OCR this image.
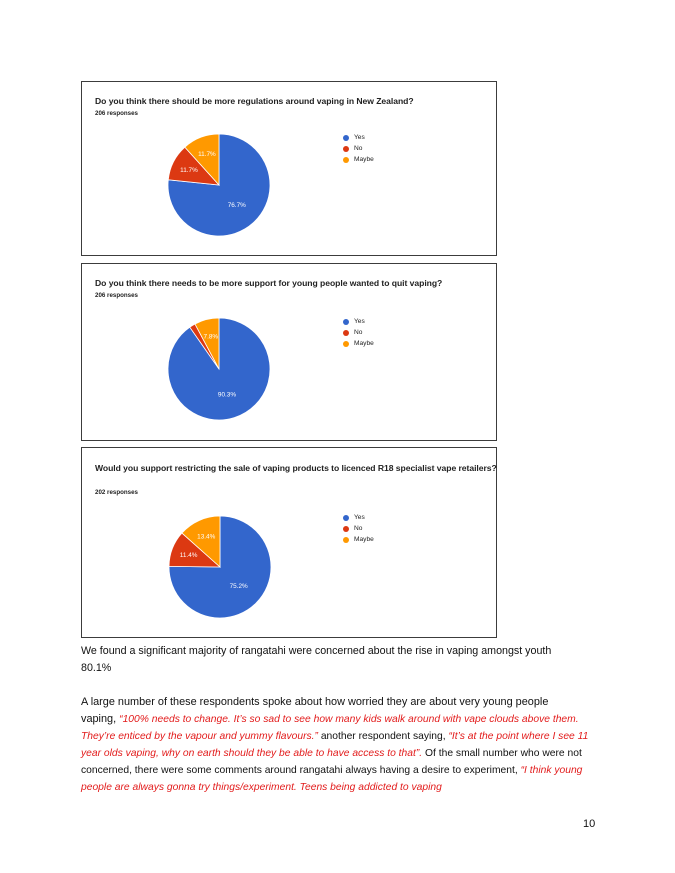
Do you think there should be more regulations around vaping in New Zealand?
206 responses
76.7%
11.7%
11.7%
Yes
No
Maybe
Do you think there needs to be more support for young people wanted to quit vaping?
206 responses
90.3%
7.8%
Yes
No
Maybe
Would you support restricting the sale of vaping products to licenced R18 specialist vape retailers?
202 responses
75.2%
11.4%
13.4%
Yes
No
Maybe
We found a significant majority of rangatahi were concerned about the rise in vaping amongst youth
80.1%
A large number of these respondents spoke about how worried they are about very young people
vaping, “100% needs to change. It’s so sad to see how many kids walk around with vape clouds above them. They’re enticed by the vapour and yummy flavours.” another respondent saying, “It’s at the point where I see 11 year olds vaping, why on earth should they be able to have access to that”. Of the small number who were not concerned, there were some comments around rangatahi always having a desire to experiment, “I think young people are always gonna try things/experiment. Teens being addicted to vaping
10
